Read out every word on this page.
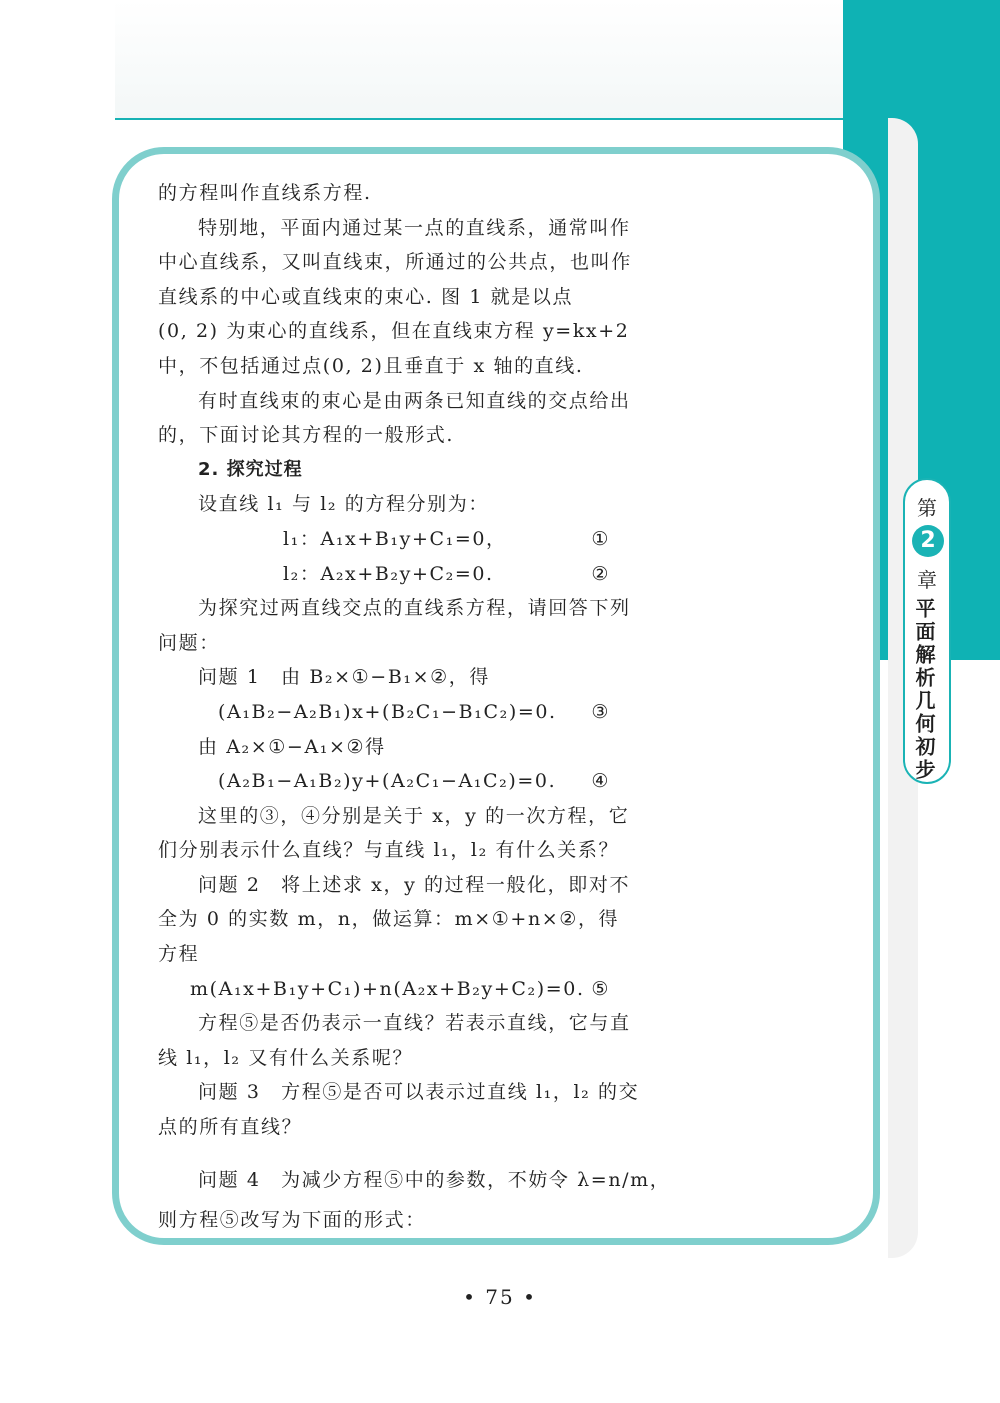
的方程叫作直线系方程.
特别地，平面内通过某一点的直线系，通常叫作
中心直线系，又叫直线束，所通过的公共点，也叫作
直线系的中心或直线束的束心. 图 1 就是以点
(0, 2) 为束心的直线系，但在直线束方程 y=kx+2
中，不包括通过点(0, 2)且垂直于 x 轴的直线.
有时直线束的束心是由两条已知直线的交点给出
的，下面讨论其方程的一般形式.
2. 探究过程
设直线 l₁ 与 l₂ 的方程分别为：
l₁：A₁x+B₁y+C₁=0，	①
l₂：A₂x+B₂y+C₂=0.	②
为探究过两直线交点的直线系方程，请回答下列
问题：
问题 1　由 B₂×①−B₁×②，得
(A₁B₂−A₂B₁)x+(B₂C₁−B₁C₂)=0. ③
由 A₂×①−A₁×②得
(A₂B₁−A₁B₂)y+(A₂C₁−A₁C₂)=0. ④
这里的③，④分别是关于 x，y 的一次方程，它
们分别表示什么直线？与直线 l₁，l₂ 有什么关系？
问题 2　将上述求 x，y 的过程一般化，即对不
全为 0 的实数 m，n，做运算：m×①+n×②，得
方程
m(A₁x+B₁y+C₁)+n(A₂x+B₂y+C₂)=0. ⑤
方程⑤是否仍表示一直线？若表示直线，它与直
线 l₁，l₂ 又有什么关系呢？
问题 3　方程⑤是否可以表示过直线 l₁，l₂ 的交
点的所有直线？
问题 4　为减少方程⑤中的参数，不妨令 λ=n/m，
则方程⑤改写为下面的形式：
第
2
章
平面解析几何初步
• 75 •
